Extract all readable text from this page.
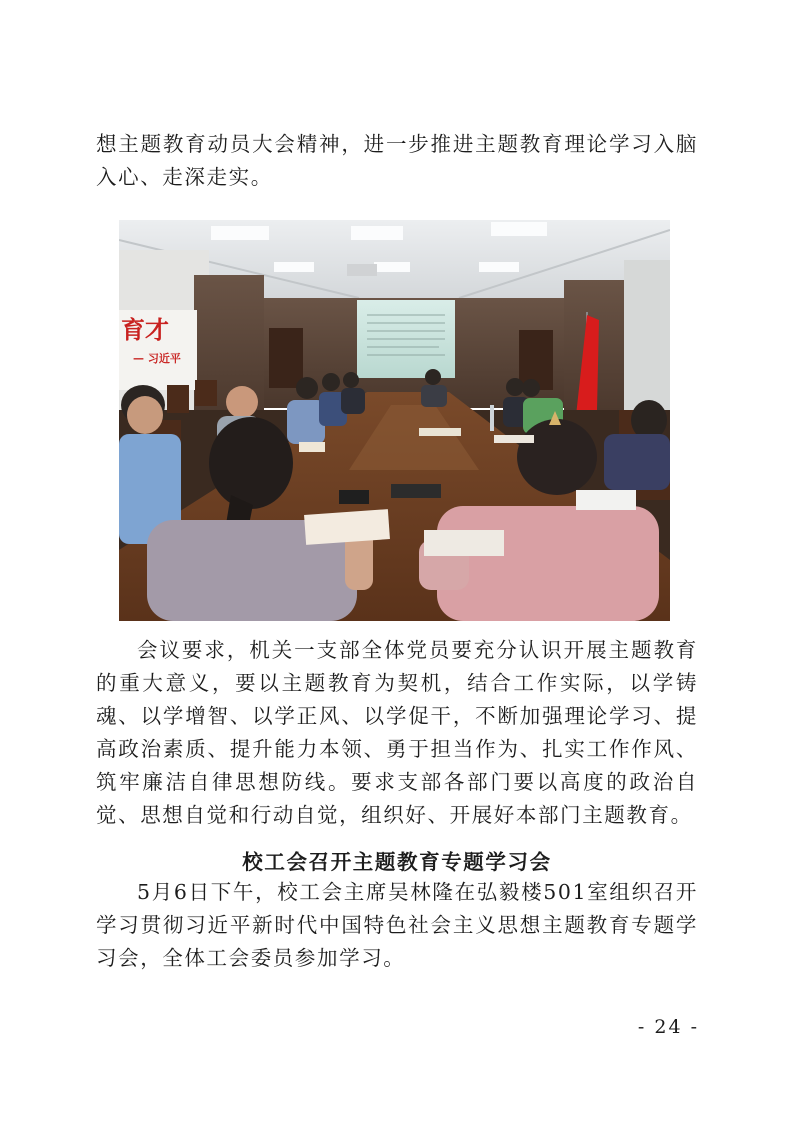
想主题教育动员大会精神，进一步推进主题教育理论学习入脑入心、走深走实。

育才
— 习近平

会议要求，机关一支部全体党员要充分认识开展主题教育的重大意义，要以主题教育为契机，结合工作实际，以学铸魂、以学增智、以学正风、以学促干，不断加强理论学习、提高政治素质、提升能力本领、勇于担当作为、扎实工作作风、筑牢廉洁自律思想防线。要求支部各部门要以高度的政治自觉、思想自觉和行动自觉，组织好、开展好本部门主题教育。

校工会召开主题教育专题学习会

5月6日下午，校工会主席吴林隆在弘毅楼501室组织召开学习贯彻习近平新时代中国特色社会主义思想主题教育专题学习会，全体工会委员参加学习。

- 24 -
